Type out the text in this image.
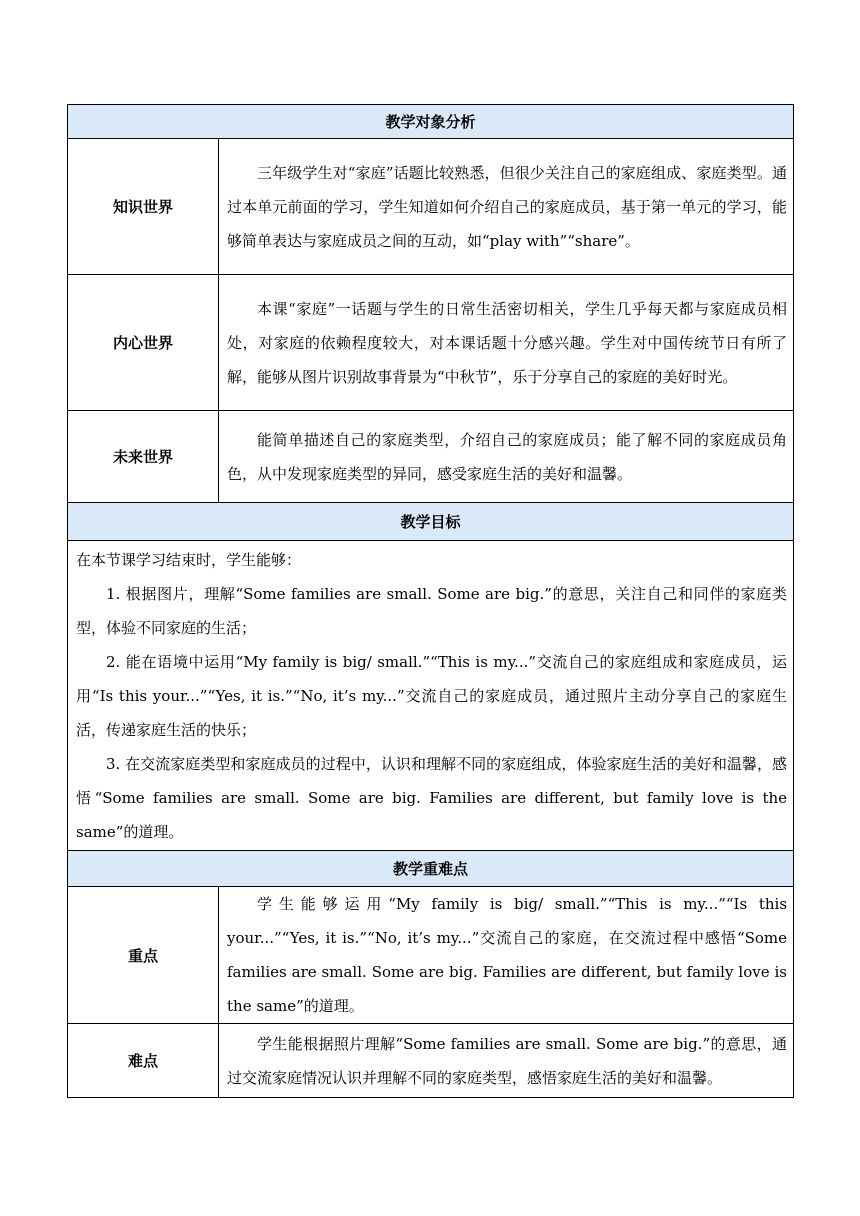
教学对象分析	
知识世界	三年级学生对“家庭”话题比较熟悉，但很少关注自己的家庭组成、家庭类型。通过本单元前面的学习，学生知道如何介绍自己的家庭成员，基于第一单元的学习，能够简单表达与家庭成员之间的互动，如“play with”“share”。
内心世界	本课“家庭”一话题与学生的日常生活密切相关，学生几乎每天都与家庭成员相处，对家庭的依赖程度较大，对本课话题十分感兴趣。学生对中国传统节日有所了解，能够从图片识别故事背景为“中秋节”，乐于分享自己的家庭的美好时光。
未来世界	能简单描述自己的家庭类型，介绍自己的家庭成员；能了解不同的家庭成员角色，从中发现家庭类型的异同，感受家庭生活的美好和温馨。
教学目标	

在本节课学习结束时，学生能够：

1. 根据图片，理解“Some families are small. Some are big.”的意思，关注自己和同伴的家庭类型，体验不同家庭的生活；

2. 能在语境中运用“My family is big/ small.”“This is my...”交流自己的家庭组成和家庭成员，运用“Is this your...”“Yes, it is.”“No, it’s my...”交流自己的家庭成员，通过照片主动分享自己的家庭生活，传递家庭生活的快乐；

3. 在交流家庭类型和家庭成员的过程中，认识和理解不同的家庭组成，体验家庭生活的美好和温馨，感悟“Some families are small. Some are big. Families are different, but family love is the same”的道理。	

教学重难点	
重点	学生能够运用“My family is big/ small.”“This is my...”“Is this your...”“Yes, it is.”“No, it’s my...”交流自己的家庭，在交流过程中感悟“Some families are small. Some are big. Families are different, but family love is the same”的道理。
难点	学生能根据照片理解“Some families are small. Some are big.”的意思，通过交流家庭情况认识并理解不同的家庭类型，感悟家庭生活的美好和温馨。
